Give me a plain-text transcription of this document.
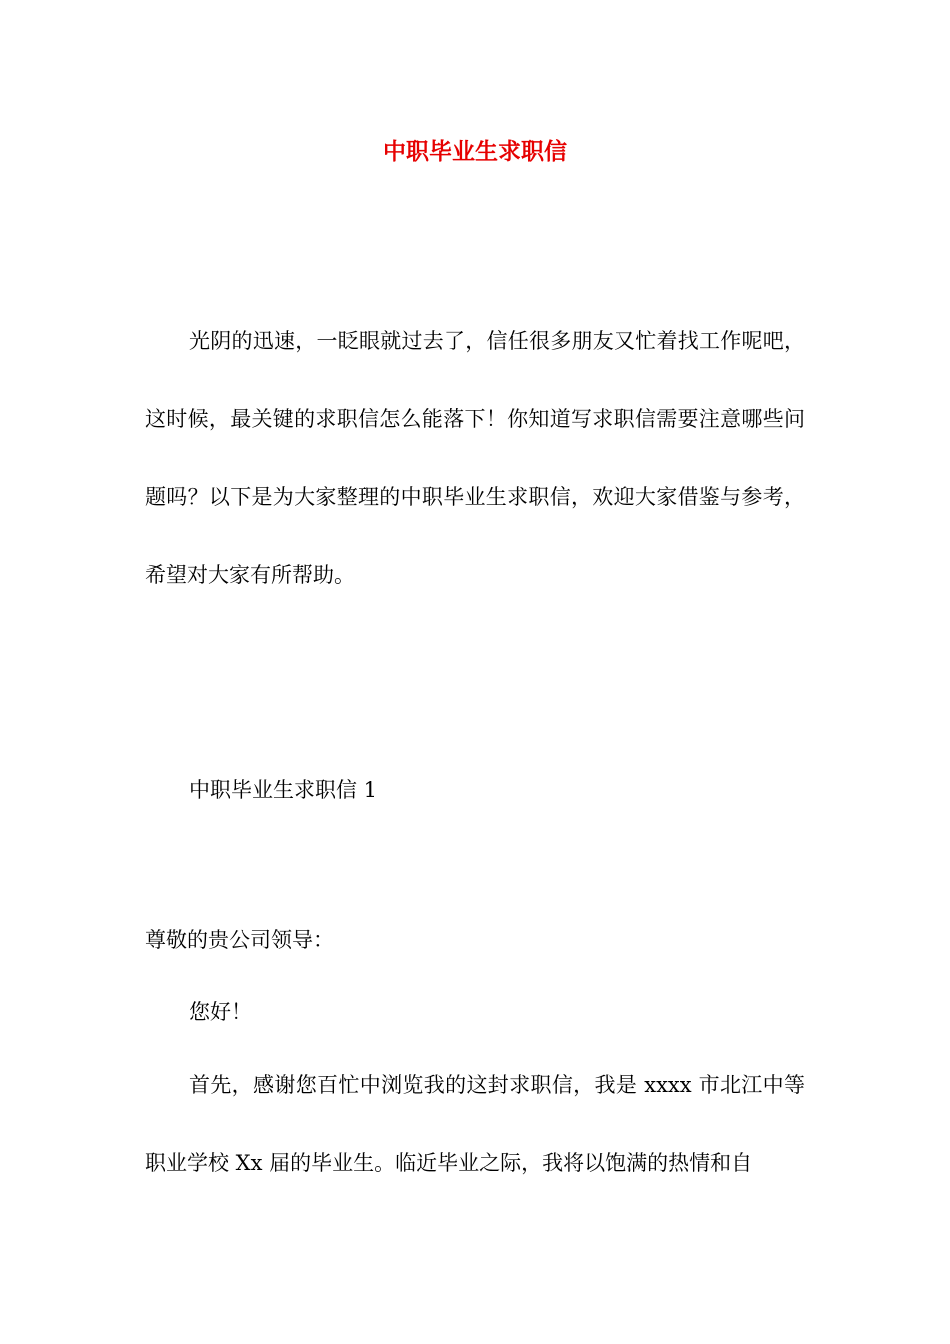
中职毕业生求职信

光阴的迅速，一眨眼就过去了，信任很多朋友又忙着找工作呢吧，这时候，最关键的求职信怎么能落下！你知道写求职信需要注意哪些问题吗？以下是为大家整理的中职毕业生求职信，欢迎大家借鉴与参考，希望对大家有所帮助。

中职毕业生求职信 1

尊敬的贵公司领导：

您好！

首先，感谢您百忙中浏览我的这封求职信，我是 xxxx 市北江中等职业学校 Xx 届的毕业生。临近毕业之际，我将以饱满的热情和自
